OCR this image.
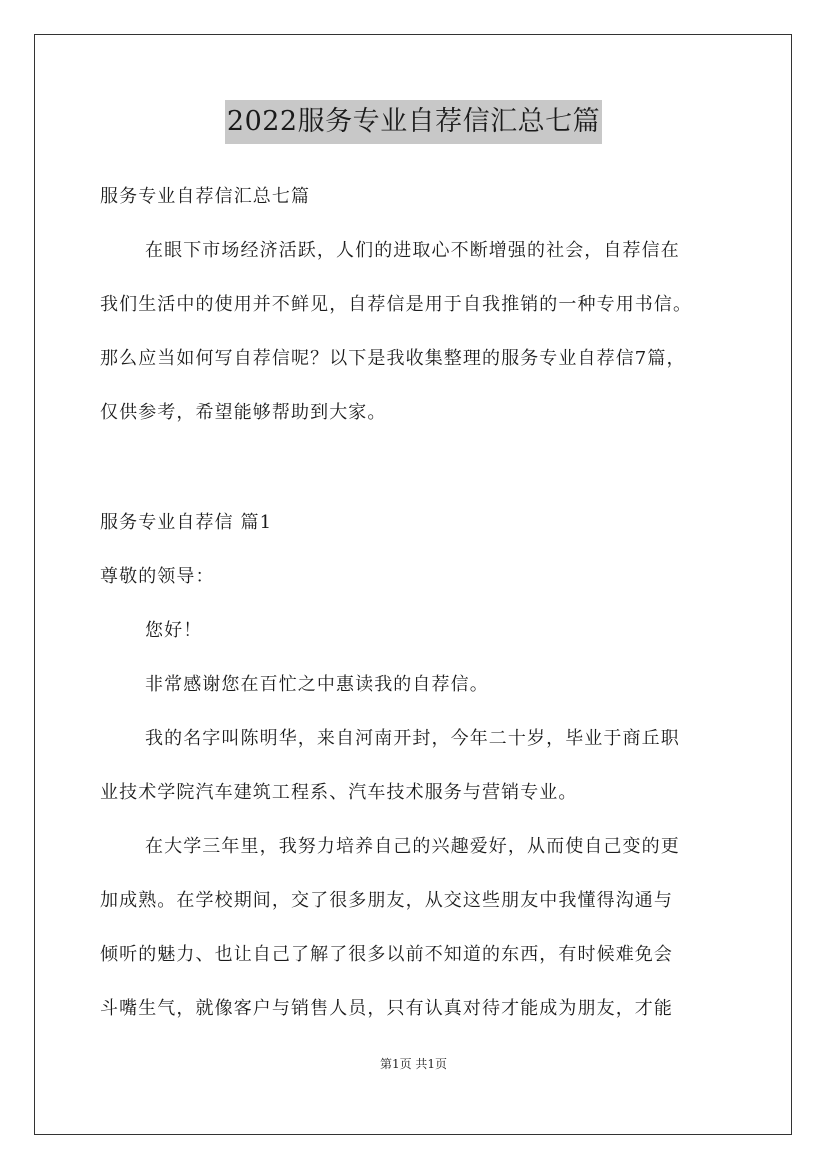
2022服务专业自荐信汇总七篇
服务专业自荐信汇总七篇
在眼下市场经济活跃，人们的进取心不断增强的社会，自荐信在
我们生活中的使用并不鲜见，自荐信是用于自我推销的一种专用书信。
那么应当如何写自荐信呢？以下是我收集整理的服务专业自荐信7篇，
仅供参考，希望能够帮助到大家。
服务专业自荐信 篇1
尊敬的领导：
您好！
非常感谢您在百忙之中惠读我的自荐信。
我的名字叫陈明华，来自河南开封，今年二十岁，毕业于商丘职
业技术学院汽车建筑工程系、汽车技术服务与营销专业。
在大学三年里，我努力培养自己的兴趣爱好，从而使自己变的更
加成熟。在学校期间，交了很多朋友，从交这些朋友中我懂得沟通与
倾听的魅力、也让自己了解了很多以前不知道的东西，有时候难免会
斗嘴生气，就像客户与销售人员，只有认真对待才能成为朋友，才能
第1页 共1页
